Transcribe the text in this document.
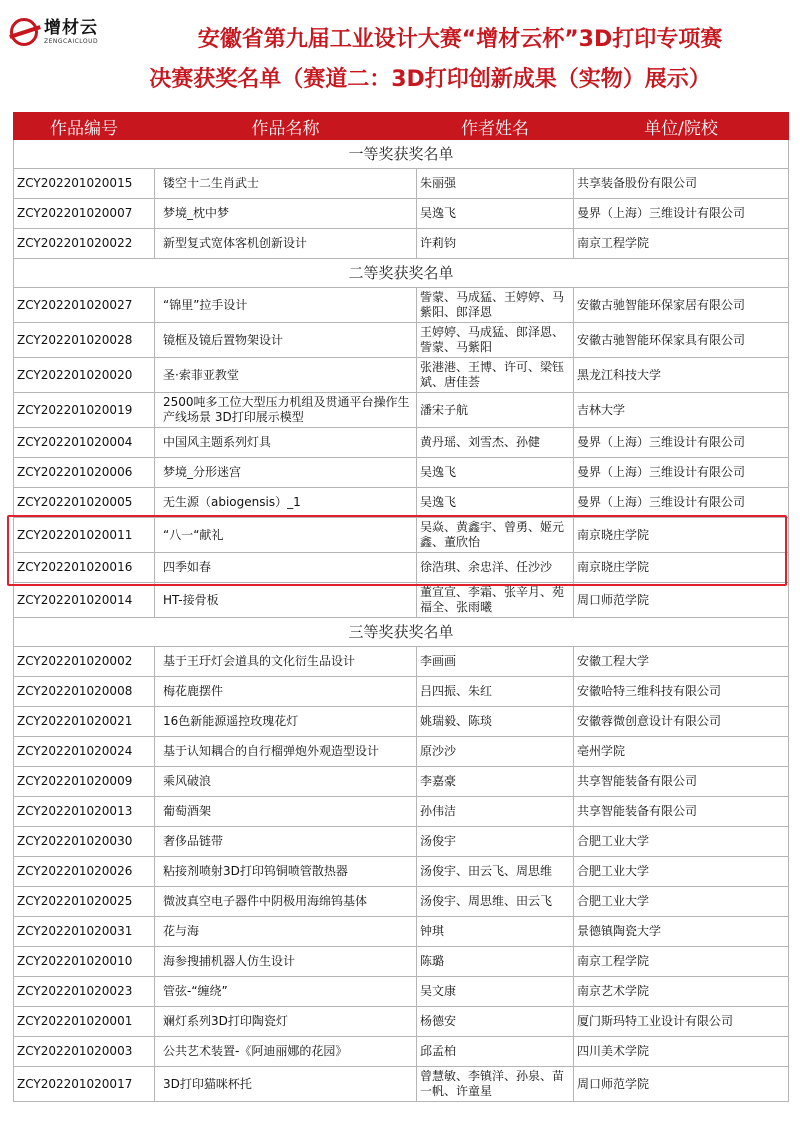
增材云
ZENGCAICLOUD	安徽省第九届工业设计大赛“增材云杯”3D打印专项赛
决赛获奖名单（赛道二：3D打印创新成果（实物）展示）
作品编号	作品名称	作者姓名	单位/院校
一等奖获奖名单			
ZCY202201020015	镂空十二生肖武士	朱丽强	共享装备股份有限公司
ZCY202201020007	梦境_枕中梦	吴逸飞	曼界（上海）三维设计有限公司
ZCY202201020022	新型复式宽体客机创新设计	许莉钧	南京工程学院
二等奖获奖名单			
ZCY202201020027	“锦里”拉手设计	訾蒙、马成猛、王婷婷、马紫阳、郎泽恩	安徽古驰智能环保家居有限公司
ZCY202201020028	镜框及镜后置物架设计	王婷婷、马成猛、郎泽恩、訾蒙、马紫阳	安徽古驰智能环保家具有限公司
ZCY202201020020	圣·索菲亚教堂	张港港、王博、许可、梁钰斌、唐佳荟	黑龙江科技大学
ZCY202201020019	2500吨多工位大型压力机组及贯通平台操作生产线场景 3D打印展示模型	潘宋子航	吉林大学
ZCY202201020004	中国风主题系列灯具	黄丹瑶、刘雪杰、孙健	曼界（上海）三维设计有限公司
ZCY202201020006	梦境_分形迷宫	吴逸飞	曼界（上海）三维设计有限公司
ZCY202201020005	无生源（abiogensis）_1	吴逸飞	曼界（上海）三维设计有限公司
ZCY202201020011	“八一“献礼	吴焱、黄鑫宇、曾勇、姬元鑫、董欣怡	南京晓庄学院
ZCY202201020016	四季如春	徐浩琪、余忠洋、任沙沙	南京晓庄学院
ZCY202201020014	HT-接骨板	董宣宣、李霜、张辛月、苑福全、张雨曦	周口师范学院
三等奖获奖名单			
ZCY202201020002	基于王玗灯会道具的文化衍生品设计	李画画	安徽工程大学
ZCY202201020008	梅花鹿摆件	吕四振、朱红	安徽哈特三维科技有限公司
ZCY202201020021	16色新能源遥控玫瑰花灯	姚瑞毅、陈琰	安徽蓉微创意设计有限公司
ZCY202201020024	基于认知耦合的自行榴弹炮外观造型设计	原沙沙	亳州学院
ZCY202201020009	乘风破浪	李嘉豪	共享智能装备有限公司
ZCY202201020013	葡萄酒架	孙伟洁	共享智能装备有限公司
ZCY202201020030	奢侈品链带	汤俊宇	合肥工业大学
ZCY202201020026	粘接剂喷射3D打印钨铜喷管散热器	汤俊宇、田云飞、周思维	合肥工业大学
ZCY202201020025	微波真空电子器件中阴极用海绵钨基体	汤俊宇、周思维、田云飞	合肥工业大学
ZCY202201020031	花与海	钟琪	景德镇陶瓷大学
ZCY202201020010	海参搜捕机器人仿生设计	陈璐	南京工程学院
ZCY202201020023	管弦-“缠绕”	吴文康	南京艺术学院
ZCY202201020001	斓灯系列3D打印陶瓷灯	杨德安	厦门斯玛特工业设计有限公司
ZCY202201020003	公共艺术装置-《阿迪丽娜的花园》	邱孟柏	四川美术学院
ZCY202201020017	3D打印猫咪杯托	曾慧敏、李镇洋、孙泉、苗一帆、许童星	周口师范学院
